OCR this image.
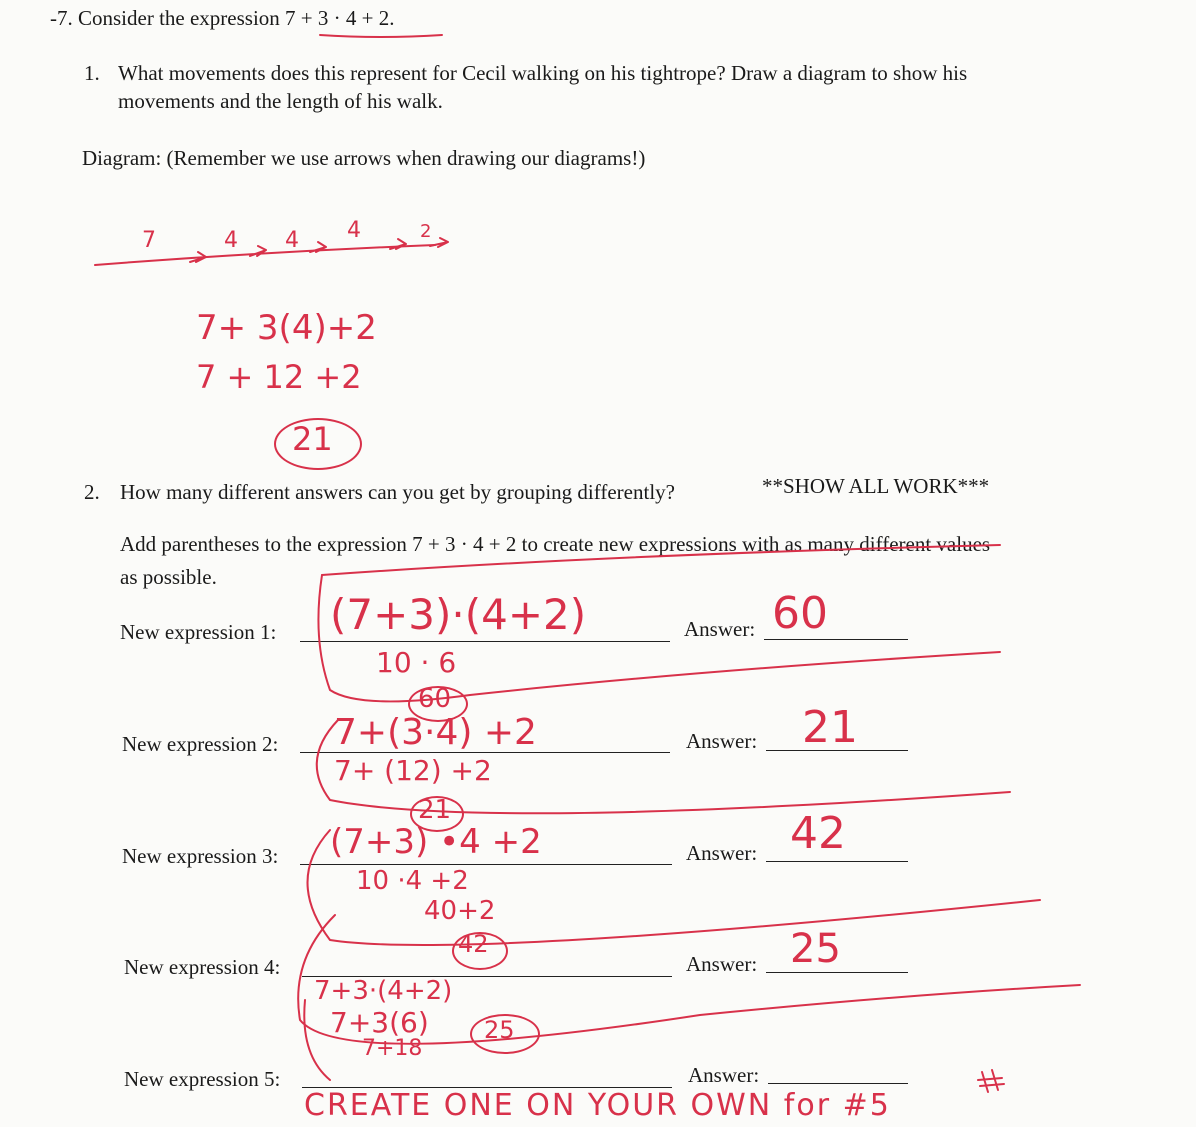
-7. Consider the expression 7 + 3 · 4 + 2.
1. What movements does this represent for Cecil walking on his tightrope? Draw a diagram to show his
movements and the length of his walk.
Diagram: (Remember we use arrows when drawing our diagrams!)
7	4 4 4	2
7+ 3(4)+2
7 + 12 +2
21
2. How many different answers can you get by grouping differently?	**SHOW ALL WORK***
Add parentheses to the expression 7 + 3 · 4 + 2 to create new expressions with as many different values
as possible.
New expression 1: (7+3)·(4+2)
10 · 6
60
Answer: 60
New expression 2: 7+(3·4) +2
7+ (12) +2
21
Answer: 21
New expression 3: (7+3) •4 +2
10 ·4 +2
40+2
42
Answer: 42
New expression 4:
7+3·(4+2)
7+3(6)
7+18
25
Answer: 25
New expression 5:	Answer:
CREATE ONE ON YOUR OWN for #5
